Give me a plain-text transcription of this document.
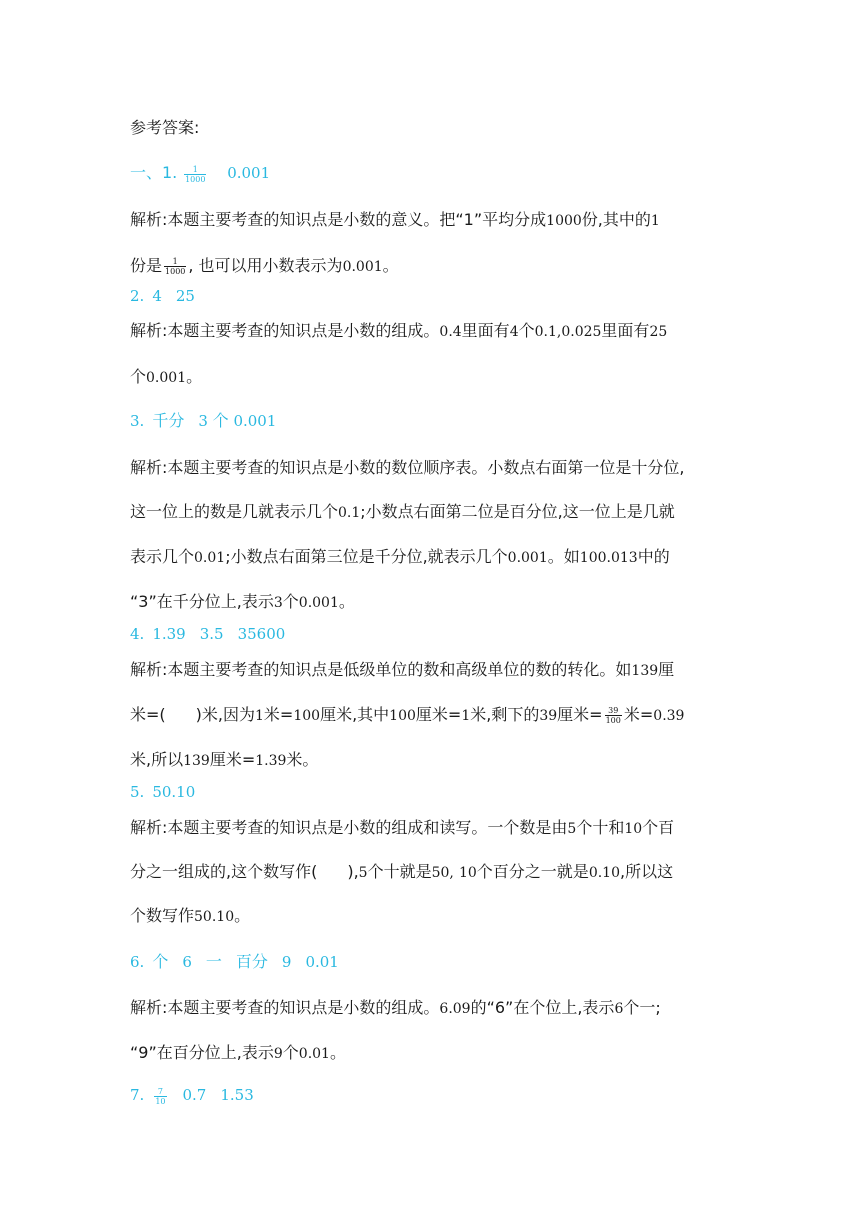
参考答案:
一、1. $\frac{1}{1000} 0.001$
解析:本题主要考查的知识点是小数的意义。把“1”平均分成1000份,其中的1
份是 $\frac{1}{1000}$ , 也可以用小数表示为0.001。
2. 4 25
解析:本题主要考查的知识点是小数的组成。0.4里面有4个0.1,0.025里面有25
个0.001。
3. 千分 3 个 0.001
解析:本题主要考查的知识点是小数的数位顺序表。小数点右面第一位是十分位,
这一位上的数是几就表示几个0.1;小数点右面第二位是百分位,这一位上是几就
表示几个0.01;小数点右面第三位是千分位,就表示几个0.001。如100.013中的
“3”在千分位上,表示3个0.001。
4. 1.39 3.5 35600
解析:本题主要考查的知识点是低级单位的数和高级单位的数的转化。如139厘
米=( )米,因为1米=100厘米,其中100厘米=1米,剩下的39厘米= $\frac{39}{100}$ 米=0.39
米,所以139厘米=1.39米。
5. 50.10
解析:本题主要考查的知识点是小数的组成和读写。一个数是由5个十和10个百
分之一组成的,这个数写作( ),5个十就是50, 10个百分之一就是0.10,所以这
个数写作50.10。
6. 个 6 一 百分 9 0.01
解析:本题主要考查的知识点是小数的组成。6.09的“6”在个位上,表示6个一;
“9”在百分位上,表示9个0.01。
7. $\frac{7}{10} 0.7$ 1.53
